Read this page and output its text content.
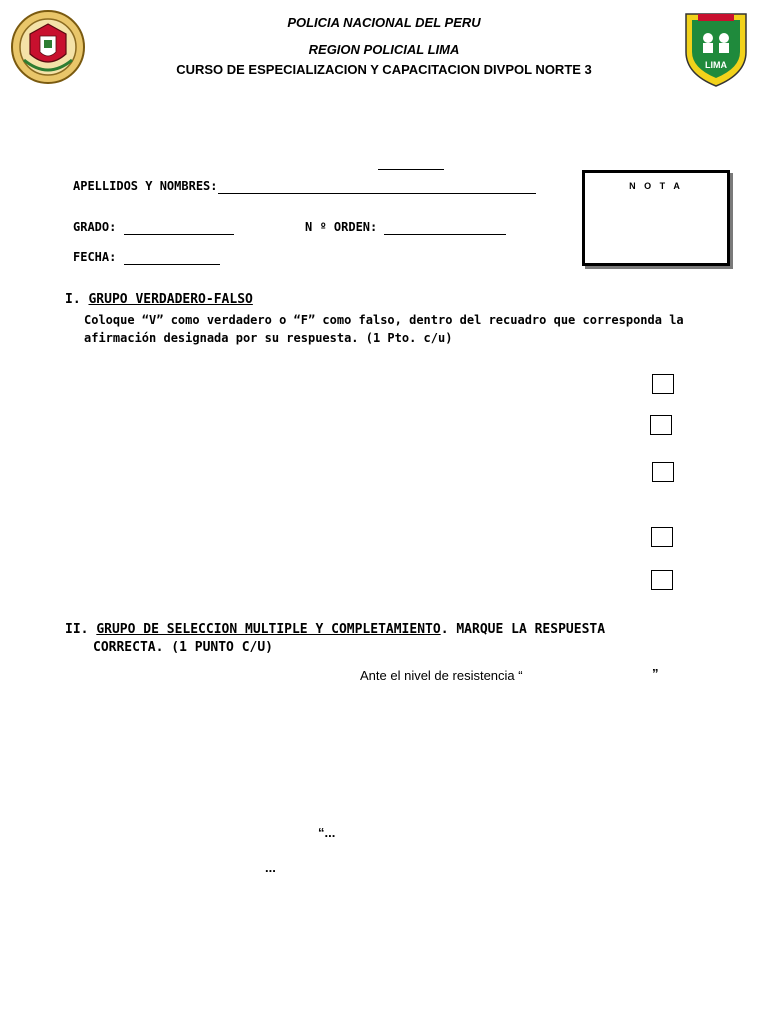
LIMA
POLICIA NACIONAL DEL PERU
REGION POLICIAL LIMA
CURSO DE ESPECIALIZACION Y CAPACITACION DIVPOL NORTE 3
APELLIDOS Y NOMBRES:
GRADO:	N º ORDEN:
FECHA:
N O T A
I. GRUPO VERDADERO-FALSO
Coloque “V” como verdadero o “F” como falso, dentro del recuadro que corresponda la
afirmación designada por su respuesta. (1 Pto. c/u)
II. GRUPO DE SELECCION MULTIPLE Y COMPLETAMIENTO. MARQUE LA RESPUESTA
CORRECTA. (1 PUNTO C/U)
Ante el nivel de resistencia “	”
“...
...
